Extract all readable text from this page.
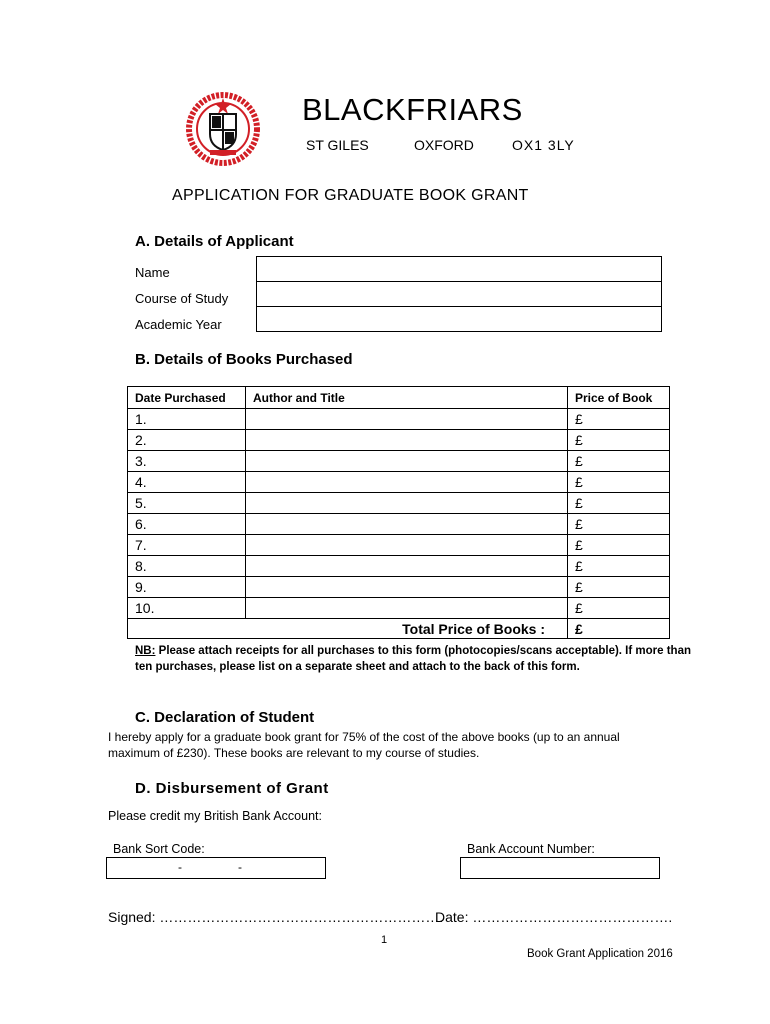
BLACKFRIARS
ST GILES	OXFORD	OX1 3LY
APPLICATION FOR GRADUATE BOOK GRANT
A. Details of Applicant
Name
Course of Study
Academic Year
B. Details of Books Purchased
Date Purchased	Author and Title	Price of Book
1.		£
2.		£
3.		£
4.		£
5.		£
6.		£
7.		£
8.		£
9.		£
10.		£
Total Price of Books :		£
NB: Please attach receipts for all purchases to this form (photocopies/scans acceptable). If more than ten purchases, please list on a separate sheet and attach to the back of this form.
C. Declaration of Student
I hereby apply for a graduate book grant for 75% of the cost of the above books (up to an annual maximum of £230). These books are relevant to my course of studies.
D. Disbursement of Grant
Please credit my British Bank Account:
Bank Sort Code:	Bank Account Number:
-	-
Signed: …………………………………………………….
Date: …………………………………….
1
Book Grant Application 2016
